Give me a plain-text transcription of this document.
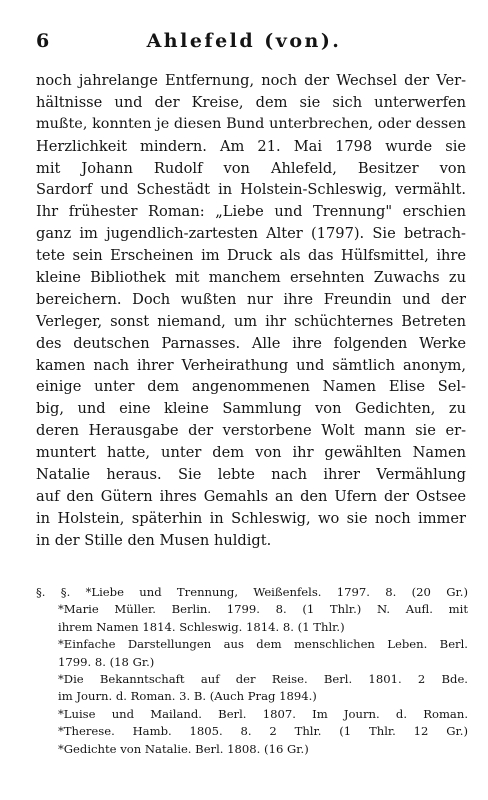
6	Ahlefeld (von).
noch jahrelange Entfernung, noch der Wechsel der Ver-
hältnisse und der Kreise, dem sie sich unterwerfen
mußte, konnten je diesen Bund unterbrechen, oder dessen
Herzlichkeit mindern. Am 21. Mai 1798 wurde sie
mit Johann Rudolf von Ahlefeld, Besitzer von
Sardorf und Schestädt in Holstein-Schleswig, vermählt.
Ihr frühester Roman: „Liebe und Trennung" erschien
ganz im jugendlich-zartesten Alter (1797). Sie betrach-
tete sein Erscheinen im Druck als das Hülfsmittel, ihre
kleine Bibliothek mit manchem ersehnten Zuwachs zu
bereichern. Doch wußten nur ihre Freundin und der
Verleger, sonst niemand, um ihr schüchternes Betreten
des deutschen Parnasses. Alle ihre folgenden Werke
kamen nach ihrer Verheirathung und sämtlich anonym,
einige unter dem angenommenen Namen Elise Sel-
big, und eine kleine Sammlung von Gedichten, zu
deren Herausgabe der verstorbene Wolt mann sie er-
muntert hatte, unter dem von ihr gewählten Namen
Natalie heraus. Sie lebte nach ihrer Vermählung
auf den Gütern ihres Gemahls an den Ufern der Ostsee
in Holstein, späterhin in Schleswig, wo sie noch immer
in der Stille den Musen huldigt.
§. §. *Liebe und Trennung, Weißenfels. 1797. 8. (20 Gr.)
*Marie Müller. Berlin. 1799. 8. (1 Thlr.) N. Aufl. mit
ihrem Namen 1814. Schleswig. 1814. 8. (1 Thlr.)
*Einfache Darstellungen aus dem menschlichen Leben. Berl.
1799. 8. (18 Gr.)
*Die Bekanntschaft auf der Reise. Berl. 1801. 2 Bde.
im Journ. d. Roman. 3. B. (Auch Prag 1894.)
*Luise und Mailand. Berl. 1807. Im Journ. d. Roman.
*Therese. Hamb. 1805. 8. 2 Thlr. (1 Thlr. 12 Gr.)
*Gedichte von Natalie. Berl. 1808. (16 Gr.)
